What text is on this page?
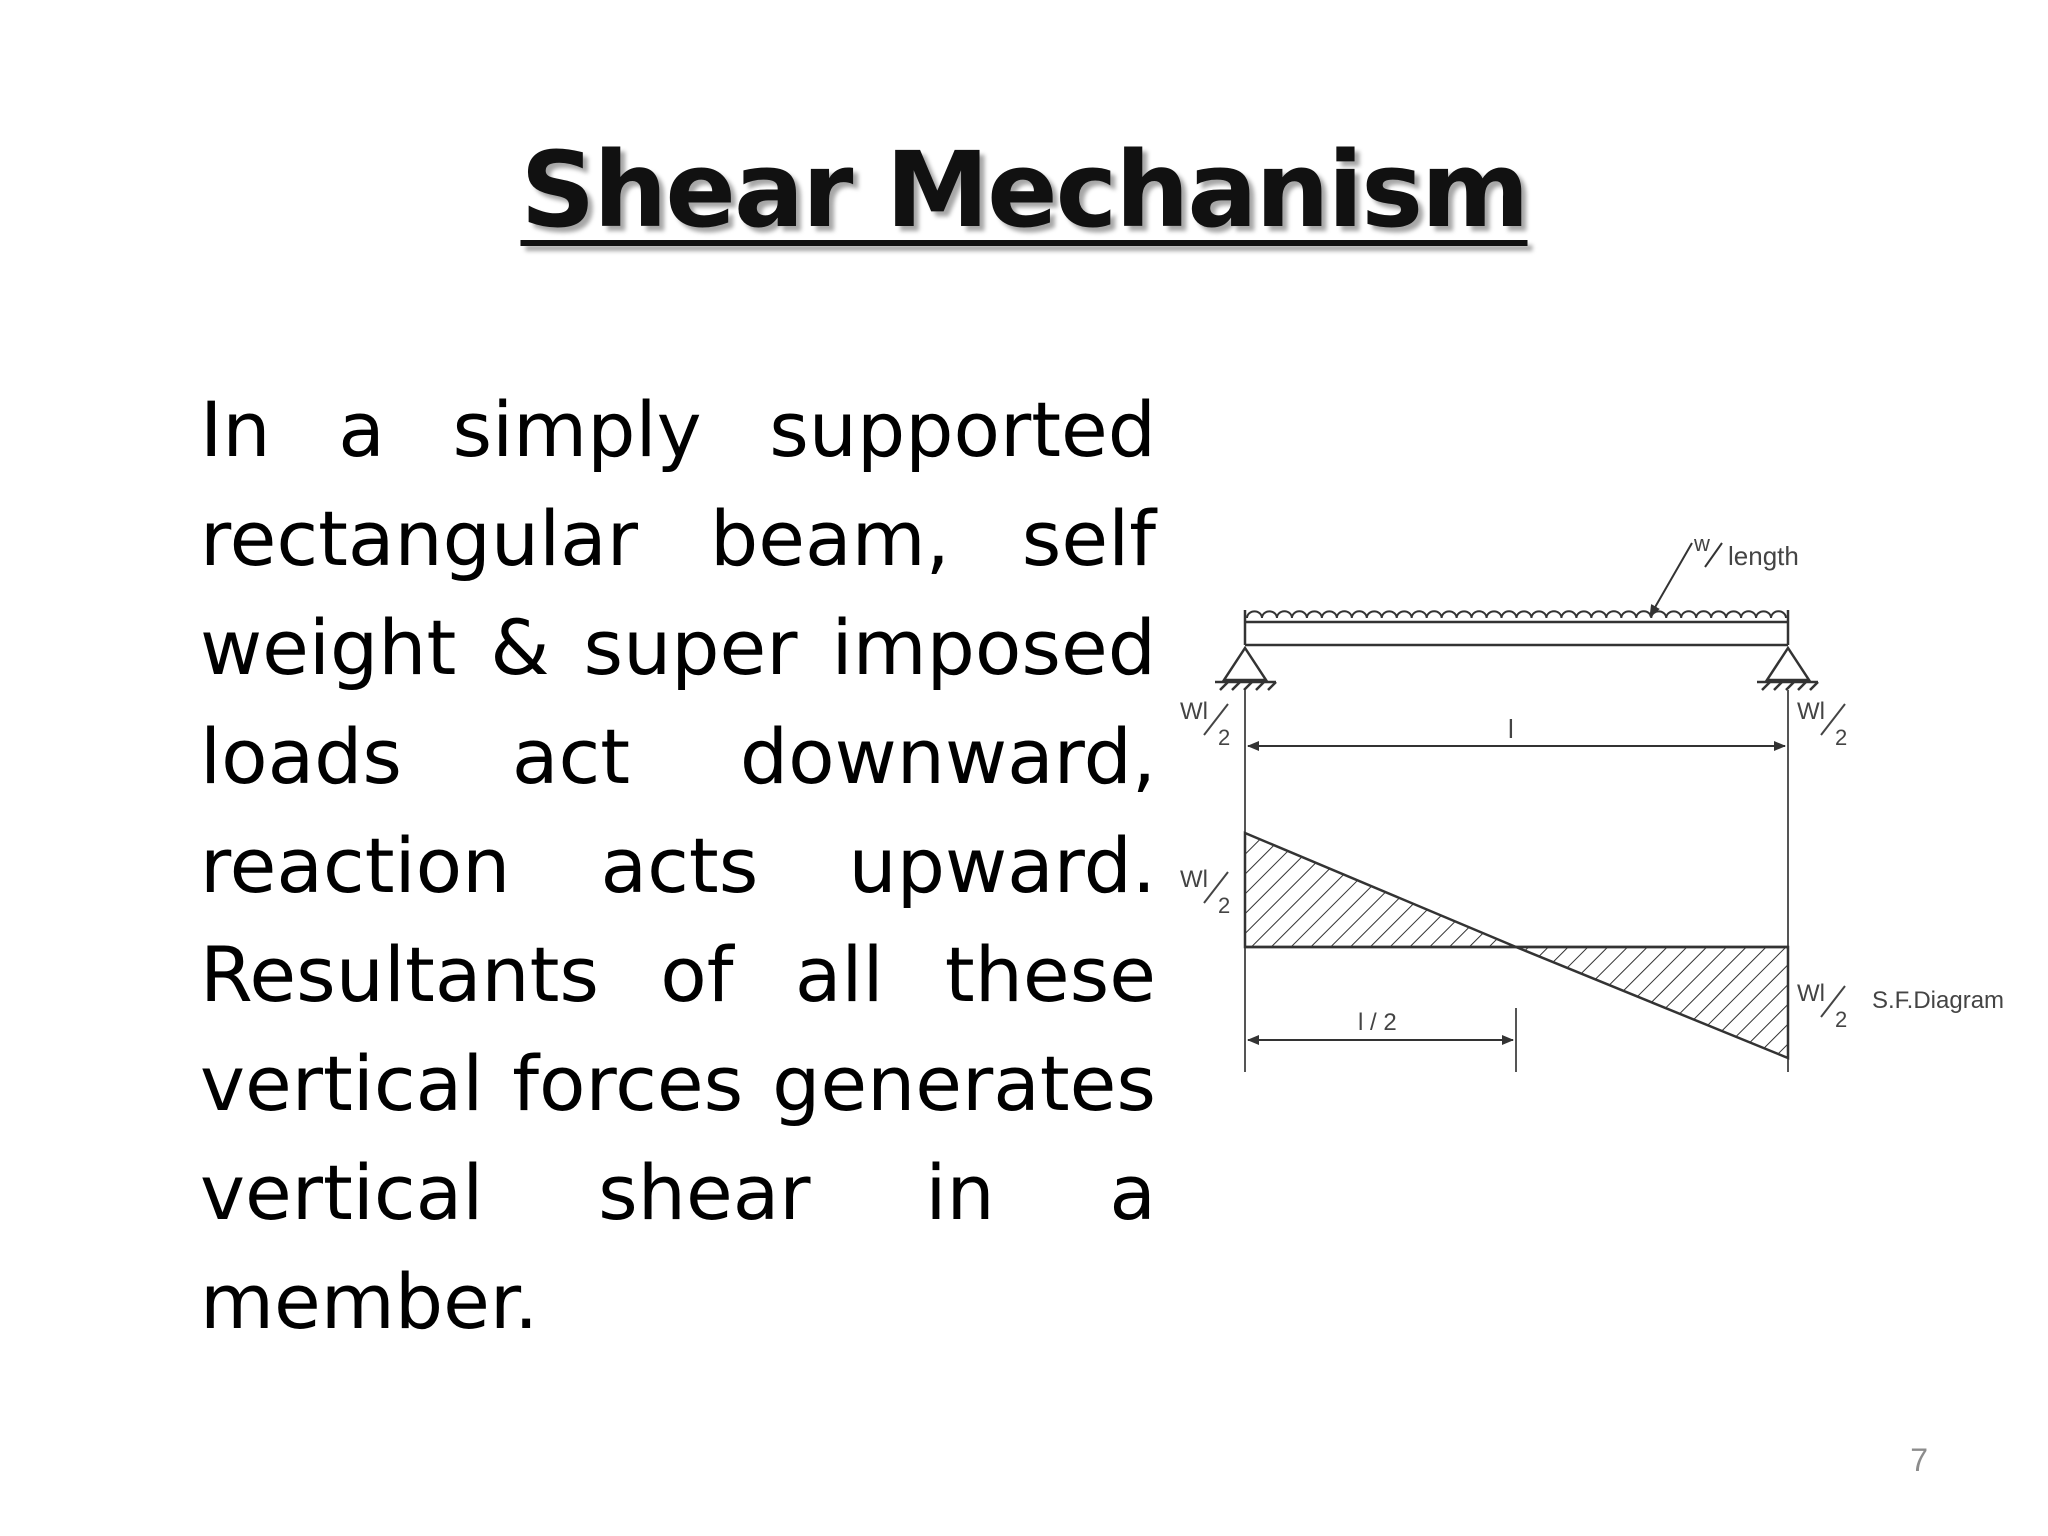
Shear Mechanism

In a simply supported rectangular beam, self weight & super imposed loads act downward, reaction acts upward. Resultants of all these vertical forces generates vertical shear in a member.

w length
Wl
2
Wl
2
l
Wl
2
Wl
2
S.F.Diagram
l / 2
7
